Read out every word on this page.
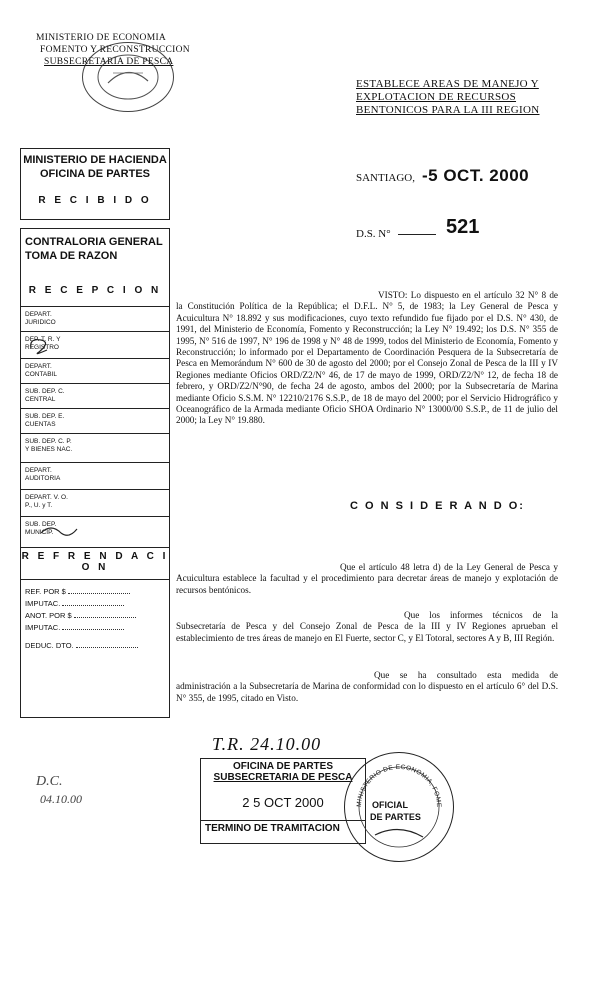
MINISTERIO DE ECONOMIA
FOMENTO Y RECONSTRUCCION
SUBSECRETARIA DE PESCA
ESTABLECE AREAS DE MANEJO Y
EXPLOTACION DE RECURSOS
BENTONICOS PARA LA III REGION
SANTIAGO, -5 OCT. 2000
D.S. N°	521
MINISTERIO DE HACIENDA
OFICINA DE PARTES
R E C I B I D O
CONTRALORIA GENERAL
TOMA DE RAZON
R E C E P C I O N
DEPART. JURIDICO
DEP. T. R. Y REGISTRO
DEPART. CONTABIL
SUB. DEP. C. CENTRAL
SUB. DEP. E. CUENTAS
SUB. DEP. C. P. Y BIENES NAC.
DEPART. AUDITORIA
DEPART. V. O. P., U. y T.
SUB. DEP. MUNICIP.
R E F R E N D A C I O N
REF. POR $
IMPUTAC.
ANOT. POR $
IMPUTAC.
DEDUC. DTO.
VISTO: Lo dispuesto en el artículo 32 N° 8 de la Constitución Política de la República; el D.F.L. N° 5, de 1983; la Ley General de Pesca y Acuicultura N° 18.892 y sus modificaciones, cuyo texto refundido fue fijado por el D.S. N° 430, de 1991, del Ministerio de Economía, Fomento y Reconstrucción; la Ley N° 19.492; los D.S. N° 355 de 1995, N° 516 de 1997, N° 196 de 1998 y N° 48 de 1999, todos del Ministerio de Economía, Fomento y Reconstrucción; lo informado por el Departamento de Coordinación Pesquera de la Subsecretaría de Pesca en Memorándum N° 600 de 30 de agosto del 2000; por el Consejo Zonal de Pesca de la III y IV Regiones mediante Oficios ORD/Z2/N° 46, de 17 de mayo de 1999, ORD/Z2/N° 12, de fecha 18 de febrero, y ORD/Z2/N°90, de fecha 24 de agosto, ambos del 2000; por la Subsecretaría de Marina mediante Oficio S.S.M. N° 12210/2176 S.S.P., de 18 de mayo del 2000; por el Servicio Hidrográfico y Oceanográfico de la Armada mediante Oficio SHOA Ordinario N° 13000/00 S.S.P., de 11 de julio del 2000; la Ley N° 19.880.
C O N S I D E R A N D O:
Que el artículo 48 letra d) de la Ley General de Pesca y Acuicultura establece la facultad y el procedimiento para decretar áreas de manejo y explotación de recursos bentónicos.
Que los informes técnicos de la Subsecretaría de Pesca y del Consejo Zonal de Pesca de la III y IV Regiones aprueban el establecimiento de tres áreas de manejo en El Fuerte, sector C, y El Totoral, sectores A y B, III Región.
Que se ha consultado esta medida de administración a la Subsecretaría de Marina de conformidad con lo dispuesto en el artículo 6° del D.S. N° 355, de 1995, citado en Visto.
D.C.
04.10.00
T.R. 24.10.00
OFICINA DE PARTES
SUBSECRETARIA DE PESCA
2 5 OCT 2000
TERMINO DE TRAMITACION
MINISTERIO DE ECONOMIA, FOME
OFICIAL
DE PARTES
